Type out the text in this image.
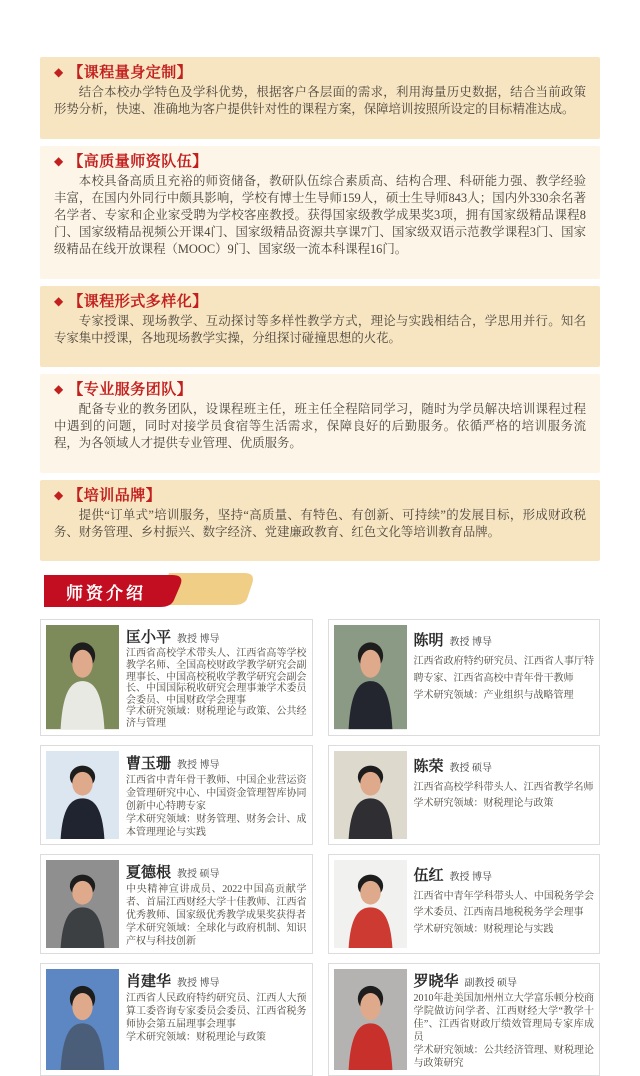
◆ 【课程量身定制】

结合本校办学特色及学科优势，根据客户各层面的需求，利用海量历史数据，结合当前政策形势分析，快速、准确地为客户提供针对性的课程方案，保障培训按照所设定的目标精准达成。

◆ 【高质量师资队伍】

本校具备高质且充裕的师资储备，教研队伍综合素质高、结构合理、科研能力强、教学经验丰富，在国内外同行中颇具影响，学校有博士生导师159人，硕士生导师843人；国内外330余名著名学者、专家和企业家受聘为学校客座教授。获得国家级教学成果奖3项，拥有国家级精品课程8门、国家级精品视频公开课4门、国家级精品资源共享课7门、国家级双语示范教学课程3门、国家级精品在线开放课程（MOOC）9门、国家级一流本科课程16门。

◆ 【课程形式多样化】

专家授课、现场教学、互动探讨等多样性教学方式，理论与实践相结合，学思用并行。知名专家集中授课，各地现场教学实操，分组探讨碰撞思想的火花。

◆ 【专业服务团队】

配备专业的教务团队，设课程班主任，班主任全程陪同学习，随时为学员解决培训课程过程中遇到的问题，同时对接学员食宿等生活需求，保障良好的后勤服务。依循严格的培训服务流程，为各领域人才提供专业管理、优质服务。

◆ 【培训品牌】

提供“订单式”培训服务，坚持“高质量、有特色、有创新、可持续”的发展目标，形成财政税务、财务管理、乡村振兴、数字经济、党建廉政教育、红色文化等培训教育品牌。

师资介绍
匡小平 教授 博导
江西省高校学术带头人、江西省高等学校教学名师、全国高校财政学教学研究会副理事长、中国高校税收学教学研究会副会长、中国国际税收研究会理事兼学术委员会委员、中国财政学会理事
学术研究领域：财税理论与政策、公共经济与管理
陈明 教授 博导
江西省政府特约研究员、江西省人事厅特聘专家、江西省高校中青年骨干教师
学术研究领域：产业组织与战略管理
曹玉珊 教授 博导
江西省中青年骨干教师、中国企业营运资金管理研究中心、中国资金管理智库协同创新中心特聘专家
学术研究领域：财务管理、财务会计、成本管理理论与实践
陈荣 教授 硕导
江西省高校学科带头人、江西省教学名师
学术研究领域：财税理论与政策
夏德根 教授 硕导
中央精神宣讲成员、2022中国高贡献学者、首届江西财经大学十佳教师、江西省优秀教师、国家级优秀教学成果奖获得者
学术研究领域：全球化与政府机制、知识产权与科技创新
伍红 教授 博导
江西省中青年学科带头人、中国税务学会学术委员、江西南昌地税税务学会理事
学术研究领域：财税理论与实践
肖建华 教授 博导
江西省人民政府特约研究员、江西人大预算工委咨询专家委员会委员、江西省税务师协会第五届理事会理事
学术研究领域：财税理论与政策
罗晓华 副教授 硕导
2010年赴美国加州州立大学富乐顿分校商学院做访问学者、江西财经大学“教学十佳”、江西省财政厅绩效管理局专家库成员
学术研究领域：公共经济管理、财税理论与政策研究
